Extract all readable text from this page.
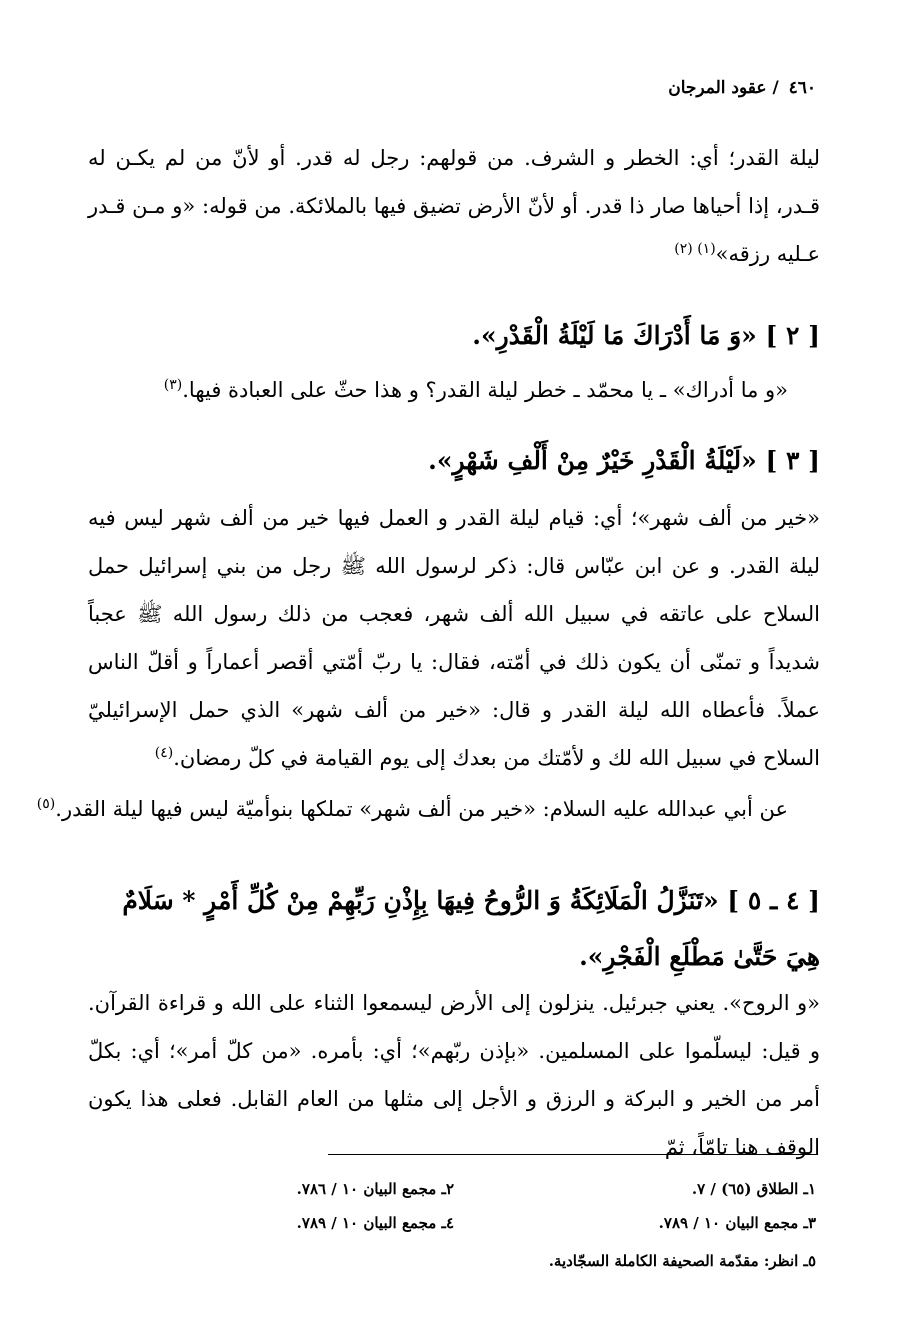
٤٦٠ / عقود المرجان
ليلة القدر؛ أي: الخطر و الشرف. من قولهم: رجل له قدر. أو لأنّ من لم يكـن له قـدر، إذا أحياها صار ذا قدر. أو لأنّ الأرض تضيق فيها بالملائكة. من قوله: «و مـن قـدر عـليه رزقه»$^{(١) (٢)}$
[ ٢ ] «وَ مَا أَدْرَاكَ مَا لَيْلَةُ الْقَدْرِ».
«و ما أدراك» ـ يا محمّد ـ خطر ليلة القدر؟ و هذا حثّ على العبادة فيها.$^{(٣)}$
[ ٣ ] «لَيْلَةُ الْقَدْرِ خَيْرٌ مِنْ أَلْفِ شَهْرٍ».
«خير من ألف شهر»؛ أي: قيام ليلة القدر و العمل فيها خير من ألف شهر ليس فيه ليلة القدر. و عن ابن عبّاس قال: ذكر لرسول الله ﷺ رجل من بني إسرائيل حمل السلاح على عاتقه في سبيل الله ألف شهر، فعجب من ذلك رسول الله ﷺ عجباً شديداً و تمنّى أن يكون ذلك في أمّته، فقال: يا ربّ أمّتي أقصر أعماراً و أقلّ الناس عملاً. فأعطاه الله ليلة القدر و قال: «خير من ألف شهر» الذي حمل الإسرائيليّ السلاح في سبيل الله لك و لأمّتك من بعدك إلى يوم القيامة في كلّ رمضان.$^{(٤)}$
عن أبي عبدالله عليه السلام: «خير من ألف شهر» تملكها بنوأميّة ليس فيها ليلة القدر.$^{(٥)}$
[ ٤ ـ ٥ ] «تَنَزَّلُ الْمَلَائِكَةُ وَ الرُّوحُ فِيهَا بِإِذْنِ رَبِّهِمْ مِنْ كُلِّ أَمْرٍ * سَلَامٌ هِيَ حَتَّىٰ مَطْلَعِ الْفَجْرِ».
«و الروح». يعني جبرئيل. ينزلون إلى الأرض ليسمعوا الثناء على الله و قراءة القرآن. و قيل: ليسلّموا على المسلمين. «بإذن ربّهم»؛ أي: بأمره. «من كلّ أمر»؛ أي: بكلّ أمر من الخير و البركة و الرزق و الأجل إلى مثلها من العام القابل. فعلى هذا يكون الوقف هنا تامّاً، ثمّ
١ـ الطلاق (٦٥) / ٧.
٢ـ مجمع البيان ١٠ / ٧٨٦.
٣ـ مجمع البيان ١٠ / ٧٨٩.
٤ـ مجمع البيان ١٠ / ٧٨٩.
٥ـ انظر: مقدّمة الصحيفة الكاملة السجّادية.
